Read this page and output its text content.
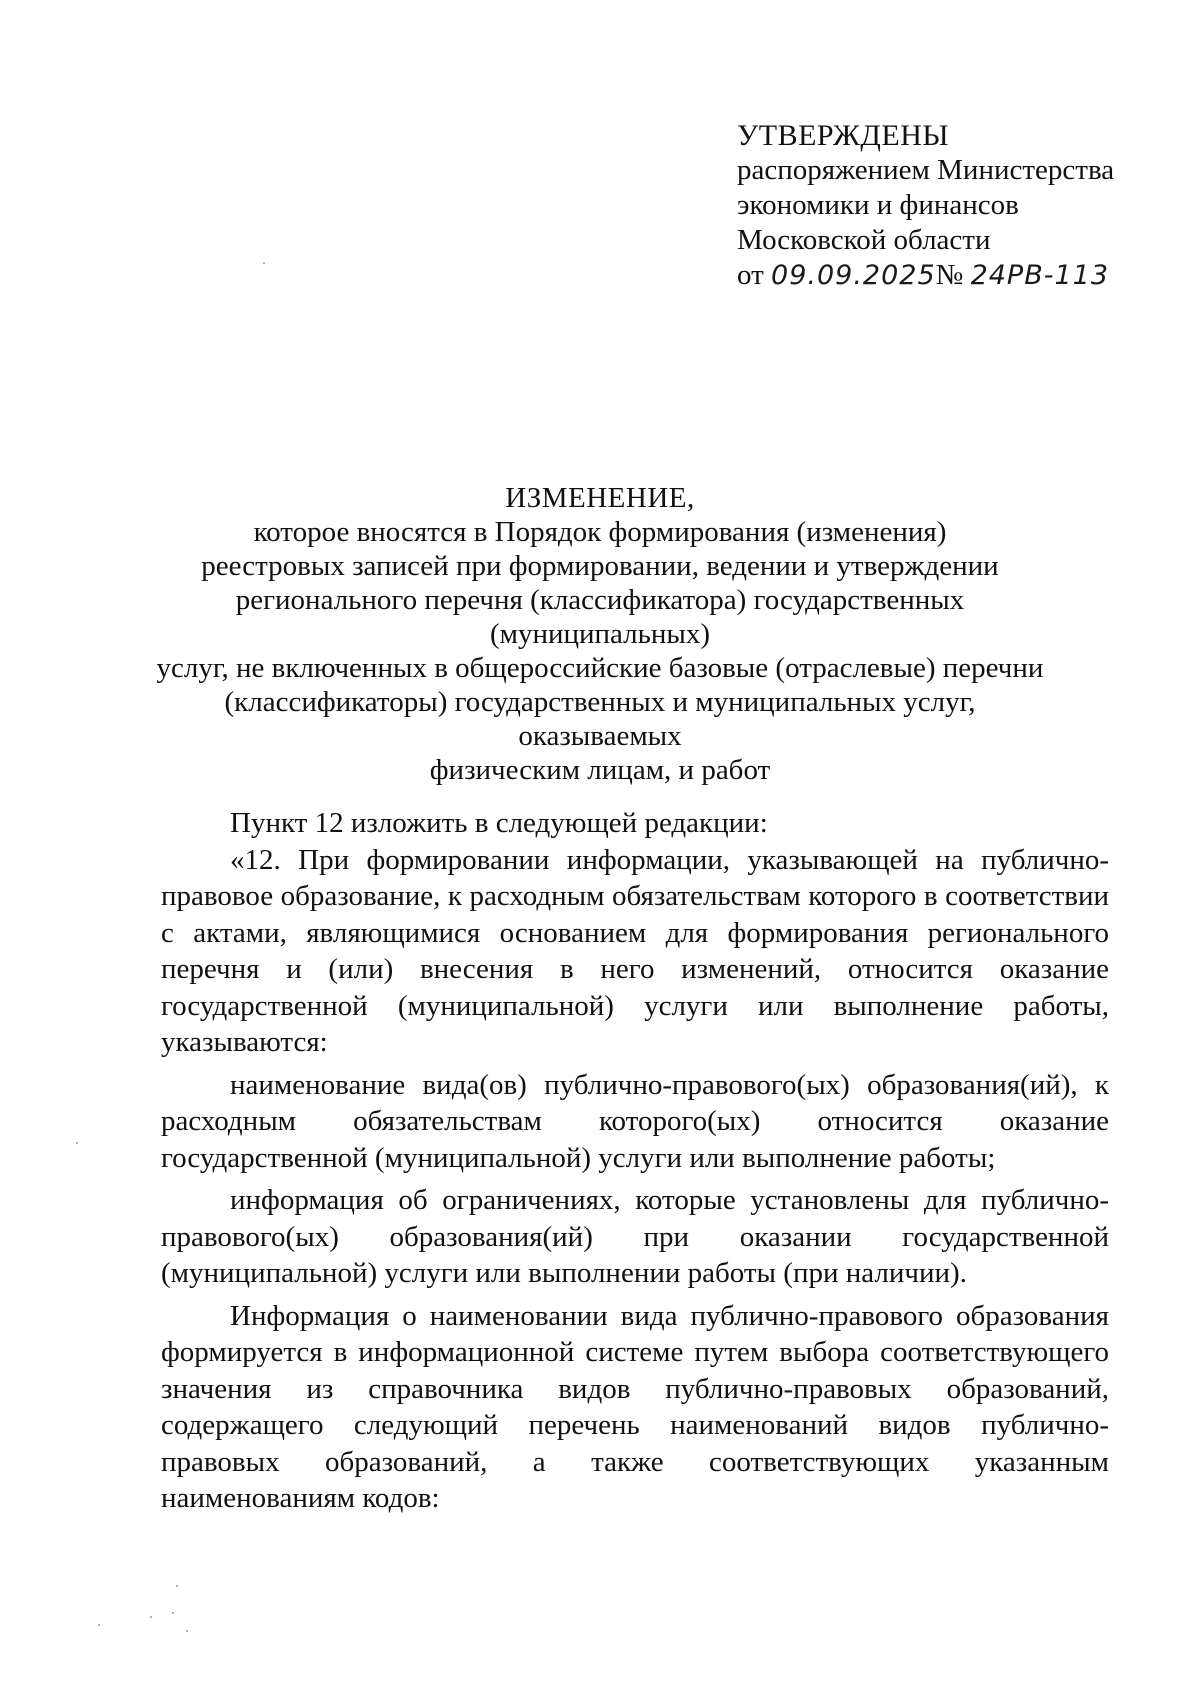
УТВЕРЖДЕНЫ
распоряжением Министерства
экономики и финансов
Московской области
от 09.09.2025№ 24РВ-113
ИЗМЕНЕНИЕ,
которое вносятся в Порядок формирования (изменения)
реестровых записей при формировании, ведении и утверждении
регионального перечня (классификатора) государственных (муниципальных)
услуг, не включенных в общероссийские базовые (отраслевые) перечни
(классификаторы) государственных и муниципальных услуг, оказываемых
физическим лицам, и работ

Пункт 12 изложить в следующей редакции:

«12. При формировании информации, указывающей на публично-правовое образование, к расходным обязательствам которого в соответствии с актами, являющимися основанием для формирования регионального перечня и (или) внесения в него изменений, относится оказание государственной (муниципальной) услуги или выполнение работы, указываются:

наименование вида(ов) публично-правового(ых) образования(ий), к расходным обязательствам которого(ых) относится оказание государственной (муниципальной) услуги или выполнение работы;

информация об ограничениях, которые установлены для публично-правового(ых) образования(ий) при оказании государственной (муниципальной) услуги или выполнении работы (при наличии).

Информация о наименовании вида публично-правового образования формируется в информационной системе путем выбора соответствующего значения из справочника видов публично-правовых образований, содержащего следующий перечень наименований видов публично-правовых образований, а также соответствующих указанным наименованиям кодов:
